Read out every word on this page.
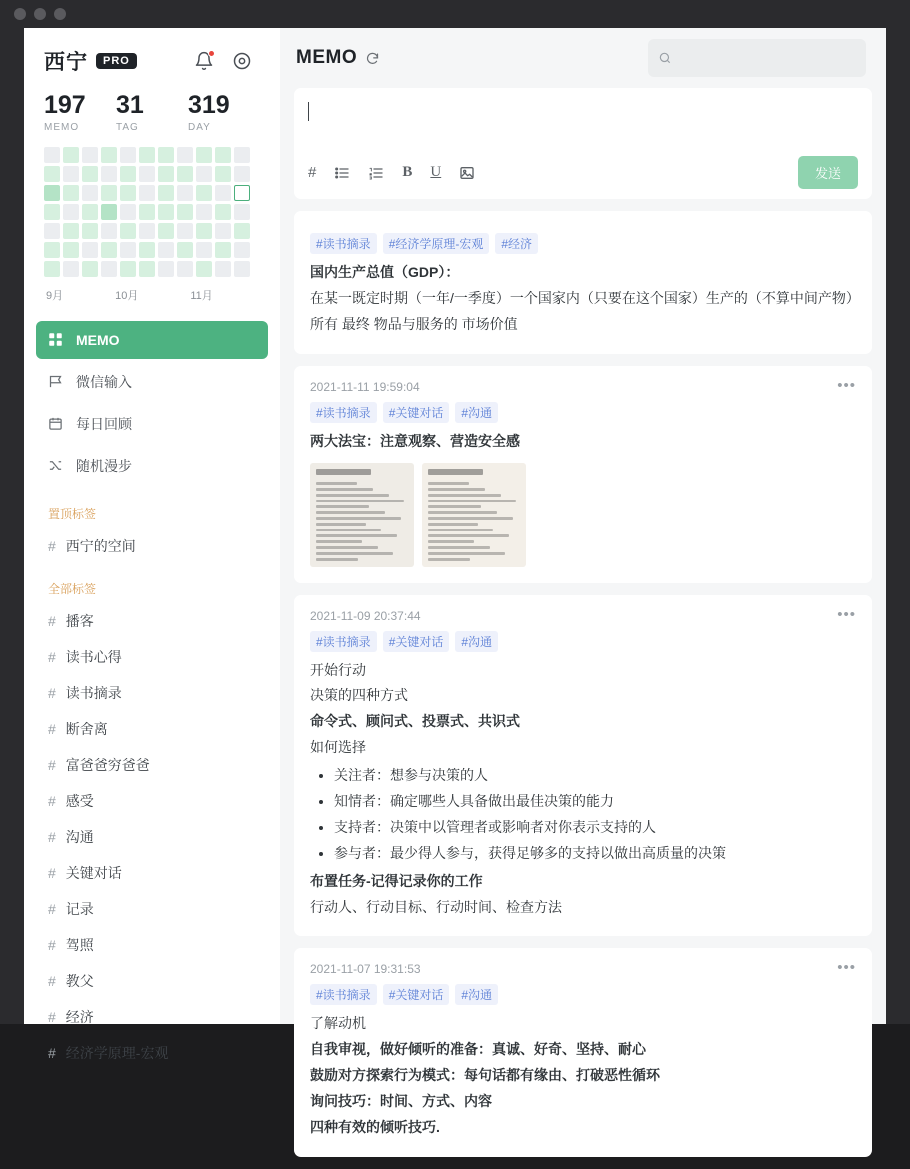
西宁	PRO
197
MEMO
31
TAG
319
DAY
9月	10月	11月
MEMO
微信输入
每日回顾
随机漫步
置顶标签
# 西宁的空间
全部标签
# 播客
# 读书心得
# 读书摘录
# 断舍离
# 富爸爸穷爸爸
# 感受
# 沟通
# 关键对话
# 记录
# 驾照
# 教父
# 经济
# 经济学原理-宏观
MEMO
#	B U	发送
#读书摘录	#经济学原理-宏观	#经济
国内生产总值（GDP）：
在某一既定时期（一年/一季度）一个国家内（只要在这个国家）生产的（不算中间产物）所有 最终 物品与服务的 市场价值
2021-11-11 19:59:04	•••
#读书摘录	#关键对话	#沟通
两大法宝：注意观察、营造安全感
2021-11-09 20:37:44	•••
#读书摘录	#关键对话	#沟通
开始行动
决策的四种方式
命令式、顾问式、投票式、共识式
如何选择
• 关注者：想参与决策的人
• 知情者：确定哪些人具备做出最佳决策的能力
• 支持者：决策中以管理者或影响者对你表示支持的人
• 参与者：最少得人参与，获得足够多的支持以做出高质量的决策
布置任务-记得记录你的工作
行动人、行动目标、行动时间、检查方法
2021-11-07 19:31:53	•••
#读书摘录	#关键对话	#沟通
了解动机
自我审视，做好倾听的准备：真诚、好奇、坚持、耐心
鼓励对方探索行为模式：每句话都有缘由、打破恶性循环
询问技巧：时间、方式、内容
四种有效的倾听技巧.
